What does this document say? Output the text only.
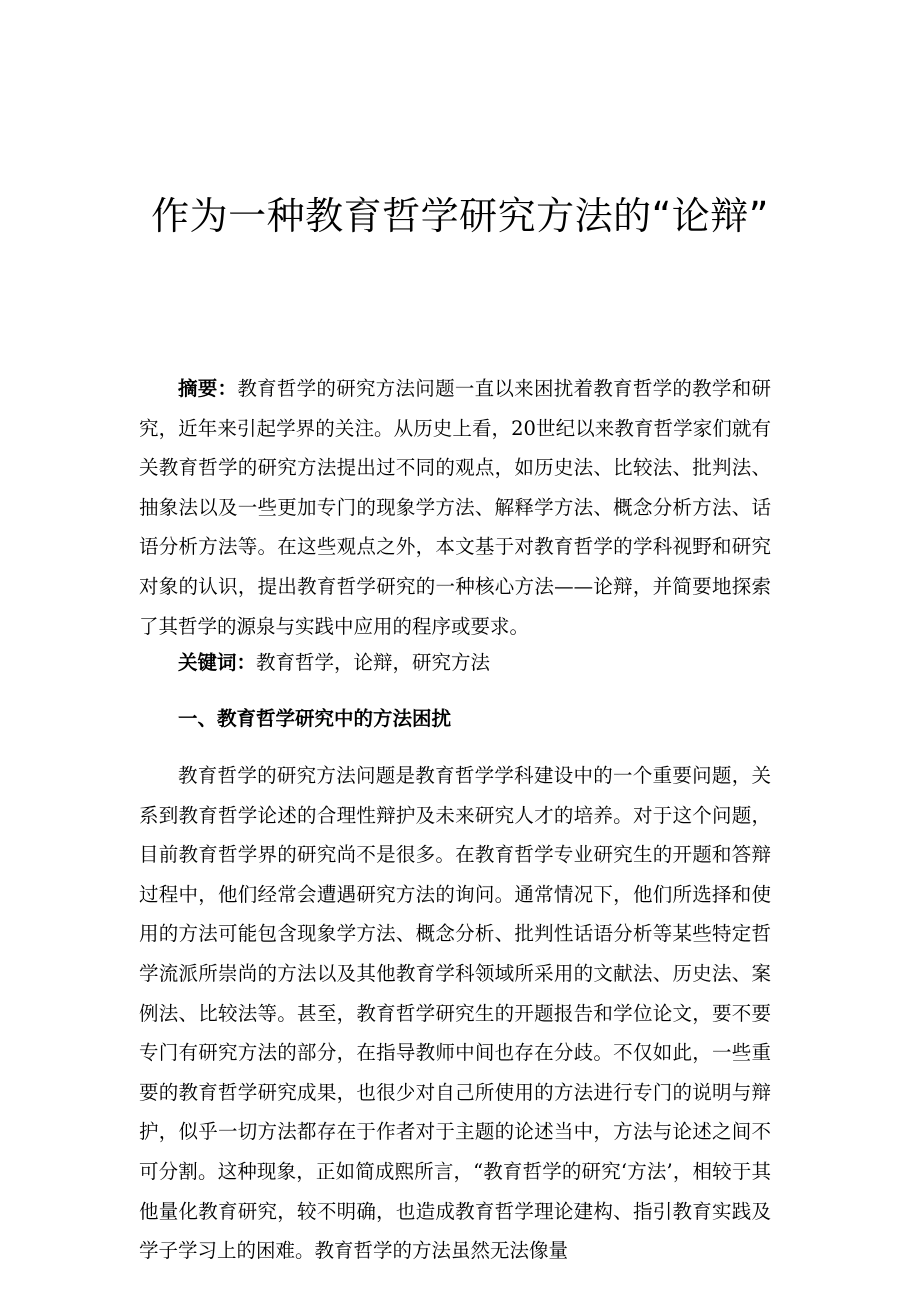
作为一种教育哲学研究方法的“论辩”

摘要：教育哲学的研究方法问题一直以来困扰着教育哲学的教学和研究，近年来引起学界的关注。从历史上看，20世纪以来教育哲学家们就有关教育哲学的研究方法提出过不同的观点，如历史法、比较法、批判法、抽象法以及一些更加专门的现象学方法、解释学方法、概念分析方法、话语分析方法等。在这些观点之外，本文基于对教育哲学的学科视野和研究对象的认识，提出教育哲学研究的一种核心方法——论辩，并简要地探索了其哲学的源泉与实践中应用的程序或要求。

关键词：教育哲学，论辩，研究方法

一、教育哲学研究中的方法困扰

教育哲学的研究方法问题是教育哲学学科建设中的一个重要问题，关系到教育哲学论述的合理性辩护及未来研究人才的培养。对于这个问题，目前教育哲学界的研究尚不是很多。在教育哲学专业研究生的开题和答辩过程中，他们经常会遭遇研究方法的询问。通常情况下，他们所选择和使用的方法可能包含现象学方法、概念分析、批判性话语分析等某些特定哲学流派所崇尚的方法以及其他教育学科领域所采用的文献法、历史法、案例法、比较法等。甚至，教育哲学研究生的开题报告和学位论文，要不要专门有研究方法的部分，在指导教师中间也存在分歧。不仅如此，一些重要的教育哲学研究成果，也很少对自己所使用的方法进行专门的说明与辩护，似乎一切方法都存在于作者对于主题的论述当中，方法与论述之间不可分割。这种现象，正如简成熙所言，“教育哲学的研究‘方法’，相较于其他量化教育研究，较不明确，也造成教育哲学理论建构、指引教育实践及学子学习上的困难。教育哲学的方法虽然无法像量
